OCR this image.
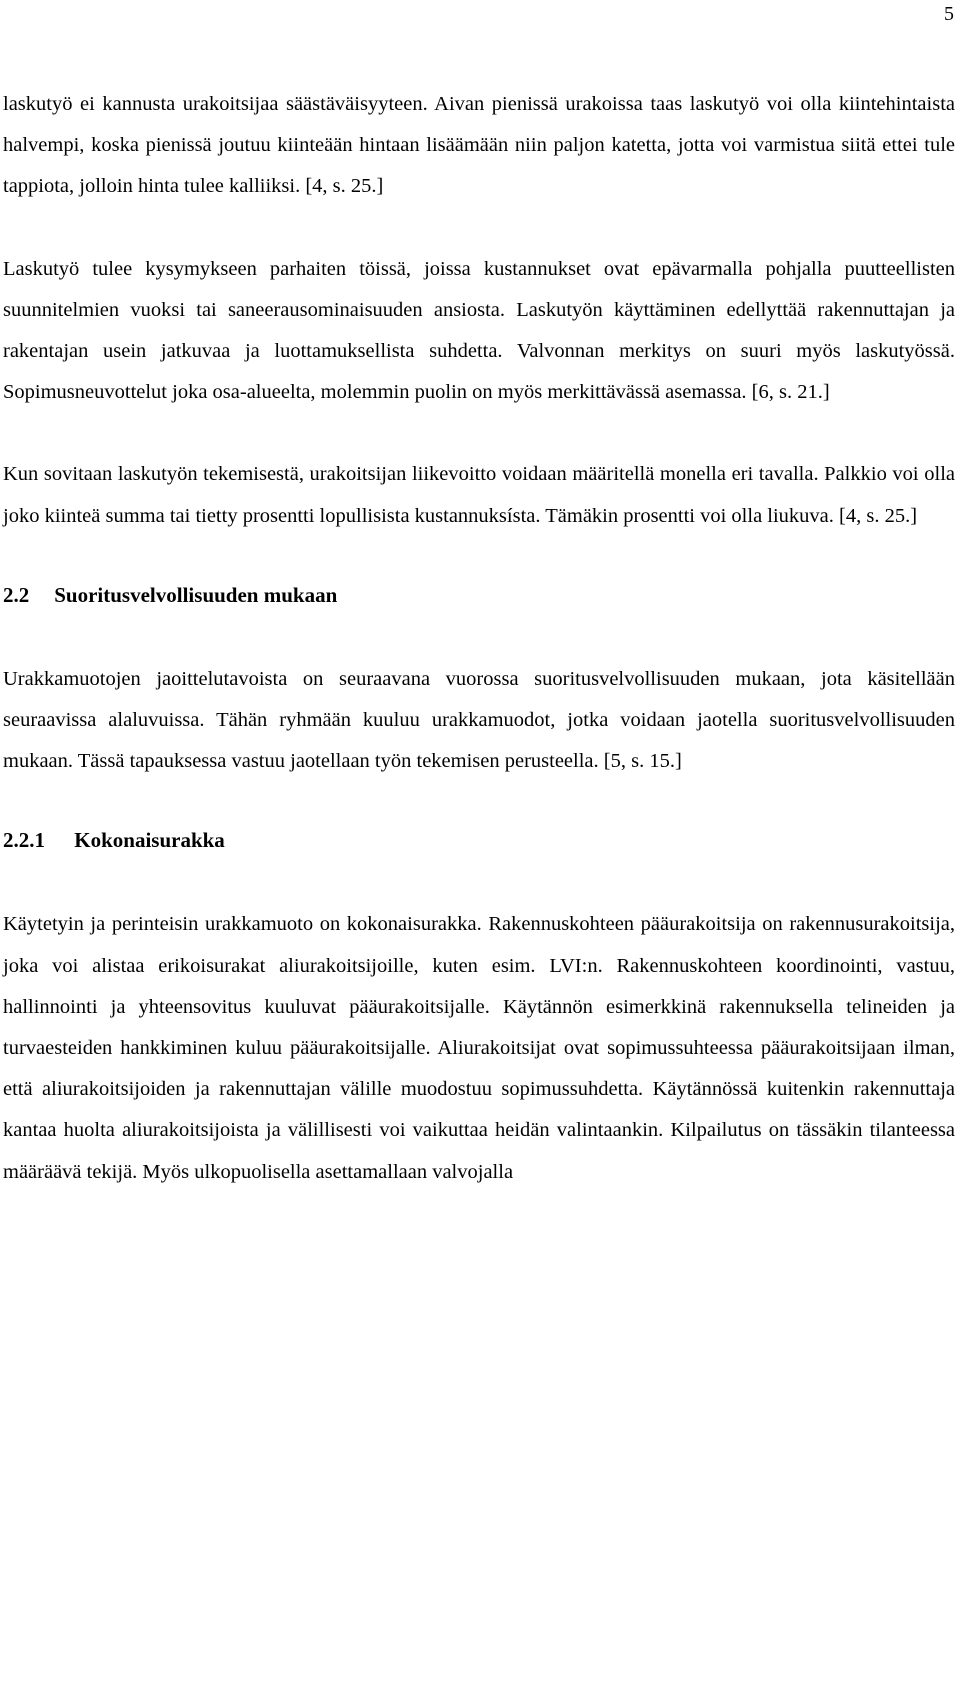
5

laskutyö ei kannusta urakoitsijaa säästäväisyyteen. Aivan pienissä urakoissa taas laskutyö voi olla kiintehintaista halvempi, koska pienissä joutuu kiinteään hintaan lisäämään niin paljon katetta, jotta voi varmistua siitä ettei tule tappiota, jolloin hinta tulee kalliiksi. [4, s. 25.]

Laskutyö tulee kysymykseen parhaiten töissä, joissa kustannukset ovat epävarmalla pohjalla puutteellisten suunnitelmien vuoksi tai saneerausominaisuuden ansiosta. Laskutyön käyttäminen edellyttää rakennuttajan ja rakentajan usein jatkuvaa ja luottamuksellista suhdetta. Valvonnan merkitys on suuri myös laskutyössä. Sopimusneuvottelut joka osa-alueelta, molemmin puolin on myös merkittävässä asemassa. [6, s. 21.]

Kun sovitaan laskutyön tekemisestä, urakoitsijan liikevoitto voidaan määritellä monella eri tavalla. Palkkio voi olla joko kiinteä summa tai tietty prosentti lopullisista kustannuksísta. Tämäkin prosentti voi olla liukuva. [4, s. 25.]

2.2 Suoritusvelvollisuuden mukaan

Urakkamuotojen jaoittelutavoista on seuraavana vuorossa suoritusvelvollisuuden mukaan, jota käsitellään seuraavissa alaluvuissa. Tähän ryhmään kuuluu urakkamuodot, jotka voidaan jaotella suoritusvelvollisuuden mukaan. Tässä tapauksessa vastuu jaotellaan työn tekemisen perusteella. [5, s. 15.]

2.2.1 Kokonaisurakka

Käytetyin ja perinteisin urakkamuoto on kokonaisurakka. Rakennuskohteen pääurakoitsija on rakennusurakoitsija, joka voi alistaa erikoisurakat aliurakoitsijoille, kuten esim. LVI:n. Rakennuskohteen koordinointi, vastuu, hallinnointi ja yhteensovitus kuuluvat pääurakoitsijalle. Käytännön esimerkkinä rakennuksella telineiden ja turvaesteiden hankkiminen kuluu pääurakoitsijalle. Aliurakoitsijat ovat sopimussuhteessa pääurakoitsijaan ilman, että aliurakoitsijoiden ja rakennuttajan välille muodostuu sopimussuhdetta. Käytännössä kuitenkin rakennuttaja kantaa huolta aliurakoitsijoista ja välillisesti voi vaikuttaa heidän valintaankin. Kilpailutus on tässäkin tilanteessa määräävä tekijä. Myös ulkopuolisella asettamallaan valvojalla
